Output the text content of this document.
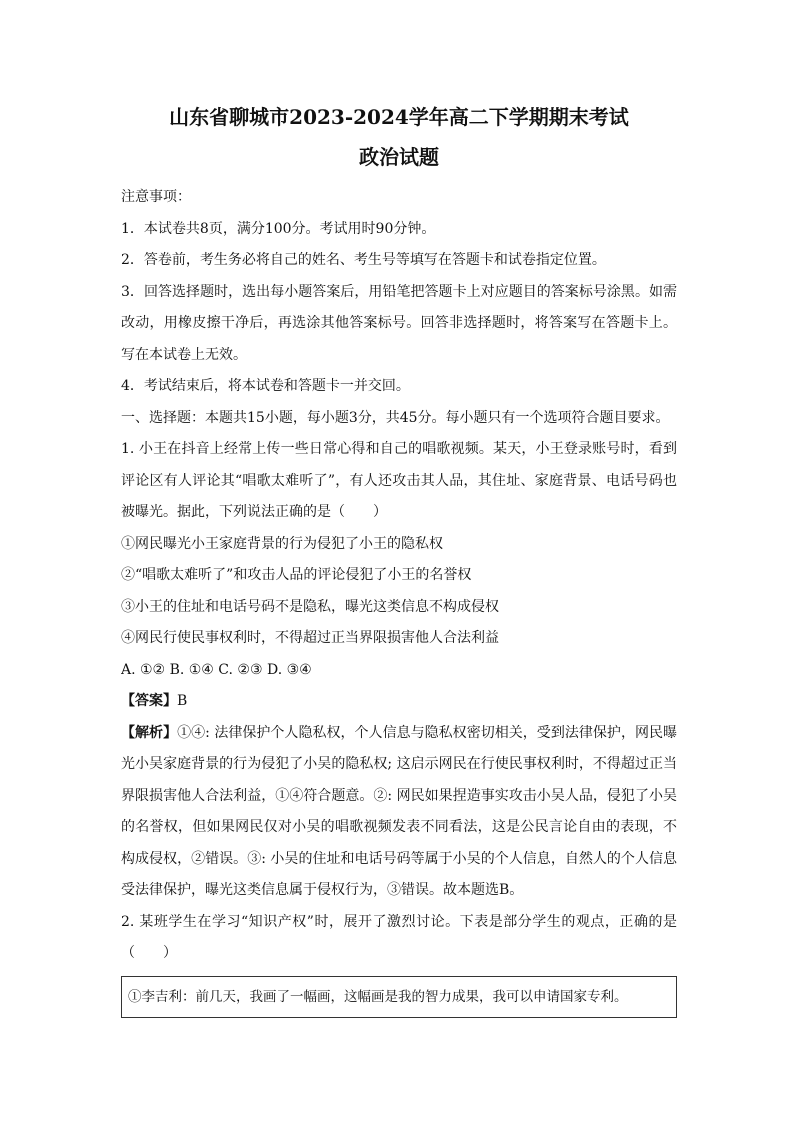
山东省聊城市2023-2024学年高二下学期期末考试

政治试题

注意事项：

1．本试卷共8页，满分100分。考试用时90分钟。

2．答卷前，考生务必将自己的姓名、考生号等填写在答题卡和试卷指定位置。

3．回答选择题时，选出每小题答案后，用铅笔把答题卡上对应题目的答案标号涂黑。如需改动，用橡皮擦干净后，再选涂其他答案标号。回答非选择题时，将答案写在答题卡上。写在本试卷上无效。

4．考试结束后，将本试卷和答题卡一并交回。

一、选择题：本题共15小题，每小题3分，共45分。每小题只有一个选项符合题目要求。

1. 小王在抖音上经常上传一些日常心得和自己的唱歌视频。某天，小王登录账号时，看到评论区有人评论其“唱歌太难听了”，有人还攻击其人品，其住址、家庭背景、电话号码也被曝光。据此，下列说法正确的是（　　）

①网民曝光小王家庭背景的行为侵犯了小王的隐私权

②“唱歌太难听了”和攻击人品的评论侵犯了小王的名誉权

③小王的住址和电话号码不是隐私，曝光这类信息不构成侵权

④网民行使民事权利时，不得超过正当界限损害他人合法利益

A. ①② B. ①④ C. ②③ D. ③④

【答案】B

【解析】①④: 法律保护个人隐私权，个人信息与隐私权密切相关，受到法律保护，网民曝光小吴家庭背景的行为侵犯了小吴的隐私权; 这启示网民在行使民事权利时，不得超过正当界限损害他人合法利益，①④符合题意。②: 网民如果捏造事实攻击小吴人品，侵犯了小吴的名誉权，但如果网民仅对小吴的唱歌视频发表不同看法，这是公民言论自由的表现，不构成侵权，②错误。③: 小吴的住址和电话号码等属于小吴的个人信息，自然人的个人信息受法律保护，曝光这类信息属于侵权行为，③错误。故本题选B。

2. 某班学生在学习“知识产权”时，展开了激烈讨论。下表是部分学生的观点，正确的是（　　）

①李吉利：前几天，我画了一幅画，这幅画是我的智力成果，我可以申请国家专利。
